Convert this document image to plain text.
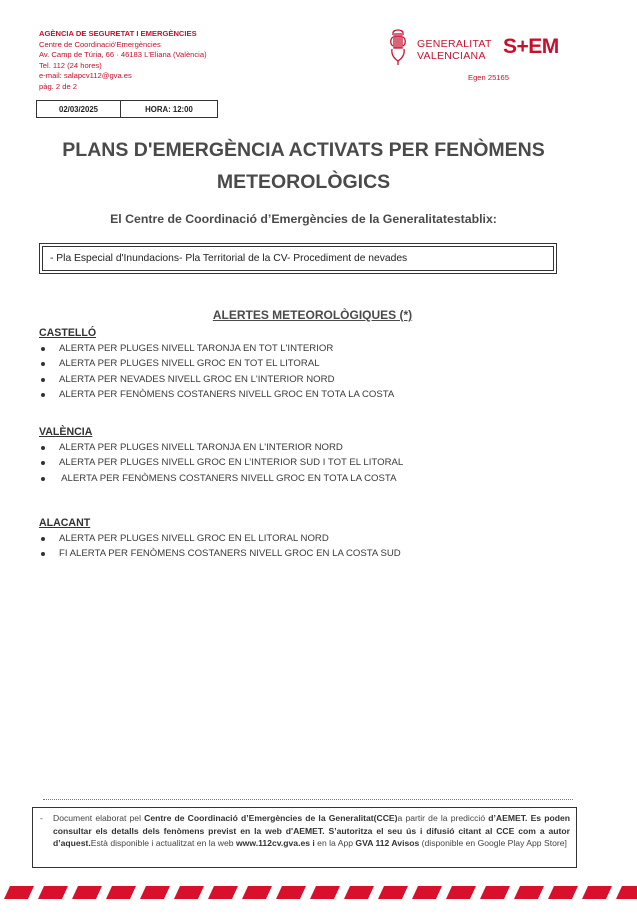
AGÈNCIA DE SEGURETAT I EMERGÈNCIES
Centre de Coordinació'Emergències
Av. Camp de Túria, 66 · 46183 L'Eliana (València)
Tel. 112 (24 hores)
e-mail: salapcv112@gva.es
pàg. 2 de 2
GENERALITAT
VALENCIANA S+EM
Egen 25165
02/03/2025	HORA: 12:00
PLANS D'EMERGÈNCIA ACTIVATS PER FENÒMENS
METEOROLÒGICS
El Centre de Coordinació d’Emergències de la Generalitatestablix:
- Pla Especial d'Inundacions- Pla Territorial de la CV- Procediment de nevades
ALERTES METEOROLÒGIQUES (*)
CASTELLÓ
ALERTA PER PLUGES NIVELL TARONJA EN TOT L'INTERIOR
ALERTA PER PLUGES NIVELL GROC EN TOT EL LITORAL
ALERTA PER NEVADES NIVELL GROC EN L'INTERIOR NORD
ALERTA PER FENÒMENS COSTANERS NIVELL GROC EN TOTA LA COSTA
VALÈNCIA
ALERTA PER PLUGES NIVELL TARONJA EN L'INTERIOR NORD
ALERTA PER PLUGES NIVELL GROC EN L’INTERIOR SUD I TOT EL LITORAL
ALERTA PER FENÒMENS COSTANERS NIVELL GROC EN TOTA LA COSTA
ALACANT
ALERTA PER PLUGES NIVELL GROC EN EL LITORAL NORD
FI ALERTA PER FENÒMENS COSTANERS NIVELL GROC EN LA COSTA SUD
- Document elaborat pel Centre de Coordinació d’Emergències de la Generalitat(CCE)a partir de la predicció d’AEMET. Es poden consultar els detalls dels fenòmens previst en la web d'AEMET. S’autoritza el seu ús i difusió citant al CCE com a autor d’aquest.Està disponible i actualitzat en la web www.112cv.gva.es i en la App GVA 112 Avisos (disponible en Google Play App Store]
